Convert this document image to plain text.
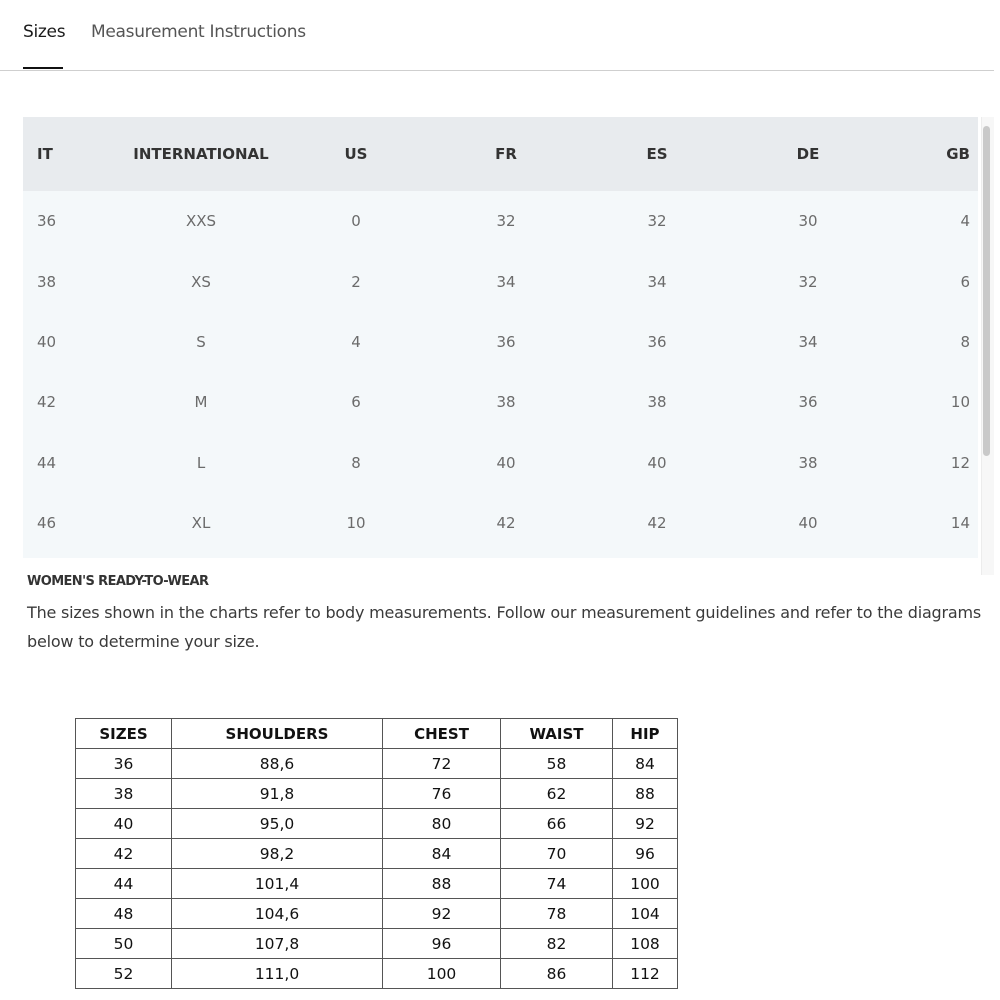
Sizes Measurement Instructions
IT	INTERNATIONAL	US	FR	ES	DE	GB
36	XXS	0	32	32	30	4
38	XS	2	34	34	32	6
40	S	4	36	36	34	8
42	M	6	38	38	36	10
44	L	8	40	40	38	12
46	XL	10	42	42	40	14

WOMEN'S READY-TO-WEAR
The sizes shown in the charts refer to body measurements. Follow our measurement guidelines and refer to the diagrams below to determine your size.
SIZES	SHOULDERS	CHEST	WAIST	HIP
36	88,6	72	58	84
38	91,8	76	62	88
40	95,0	80	66	92
42	98,2	84	70	96
44	101,4	88	74	100
48	104,6	92	78	104
50	107,8	96	82	108
52	111,0	100	86	112
